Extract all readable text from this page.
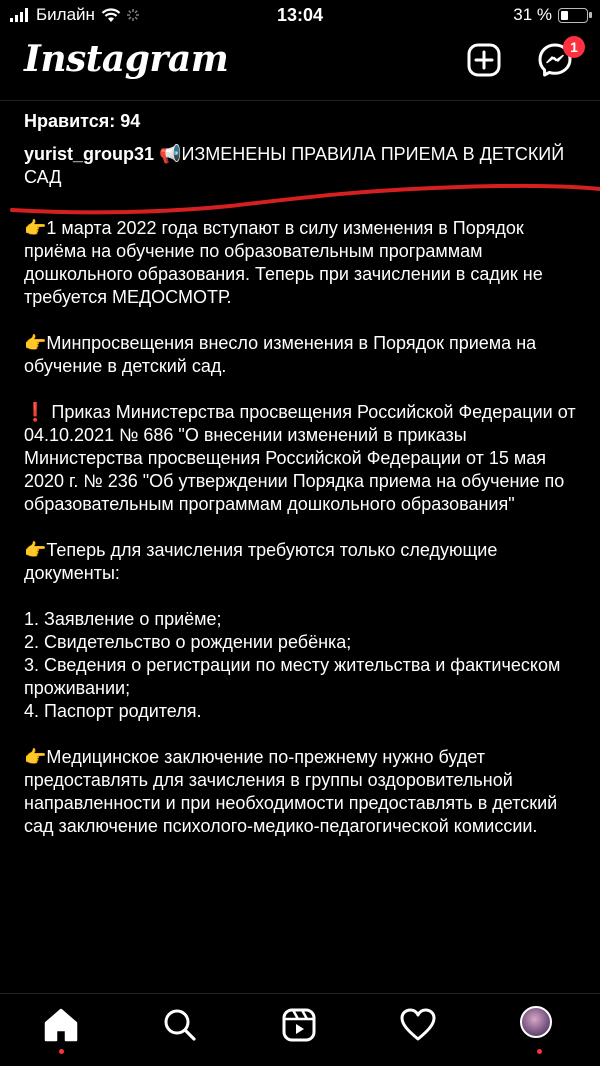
Билайн	13:04	31 %
Instagram	1
Нравится: 94
yurist_group31 📢ИЗМЕНЕНЫ ПРАВИЛА ПРИЕМА В ДЕТСКИЙ САД

👉1 марта 2022 года вступают в силу изменения в Порядок приёма на обучение по образовательным программам дошкольного образования. Теперь при зачислении в садик не требуется МЕДОСМОТР.

👉Минпросвещения внесло изменения в Порядок приема на обучение в детский сад.

❗ Приказ Министерства просвещения Российской Федерации от 04.10.2021 № 686 "О внесении изменений в приказы Министерства просвещения Российской Федерации от 15 мая 2020 г. № 236 "Об утверждении Порядка приема на обучение по образовательным программам дошкольного образования"

👉Теперь для зачисления требуются только следующие документы:

1. Заявление о приёме;

2. Свидетельство о рождении ребёнка;

3. Сведения о регистрации по месту жительства и фактическом проживании;

4. Паспорт родителя.

👉Медицинское заключение по-прежнему нужно будет предоставлять для зачисления в группы оздоровительной направленности и при необходимости предоставлять в детский сад заключение психолого-медико-педагогической комиссии.
